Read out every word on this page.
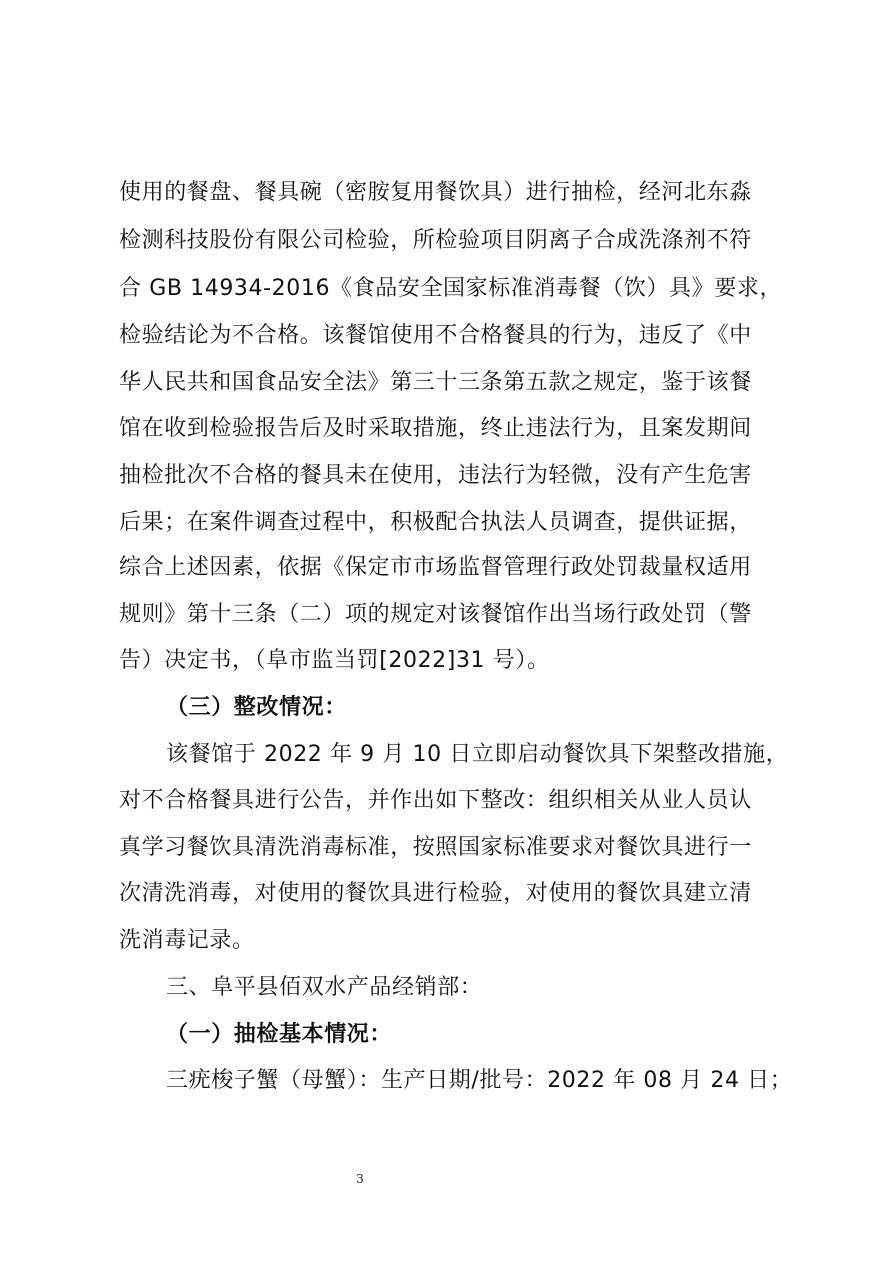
使用的餐盘、餐具碗（密胺复用餐饮具）进行抽检，经河北东淼
检测科技股份有限公司检验，所检验项目阴离子合成洗涤剂不符
合 GB 14934-2016《食品安全国家标准消毒餐（饮）具》要求，
检验结论为不合格。该餐馆使用不合格餐具的行为，违反了《中
华人民共和国食品安全法》第三十三条第五款之规定，鉴于该餐
馆在收到检验报告后及时采取措施，终止违法行为，且案发期间
抽检批次不合格的餐具未在使用，违法行为轻微，没有产生危害
后果；在案件调查过程中，积极配合执法人员调查，提供证据，
综合上述因素，依据《保定市市场监督管理行政处罚裁量权适用
规则》第十三条（二）项的规定对该餐馆作出当场行政处罚（警
告）决定书，（阜市监当罚[2022]31 号）。
（三）整改情况：
该餐馆于 2022 年 9 月 10 日立即启动餐饮具下架整改措施，
对不合格餐具进行公告，并作出如下整改：组织相关从业人员认
真学习餐饮具清洗消毒标准，按照国家标准要求对餐饮具进行一
次清洗消毒，对使用的餐饮具进行检验，对使用的餐饮具建立清
洗消毒记录。
三、阜平县佰双水产品经销部：
（一）抽检基本情况：
三疣梭子蟹（母蟹）：生产日期/批号：2022 年 08 月 24 日；
3
